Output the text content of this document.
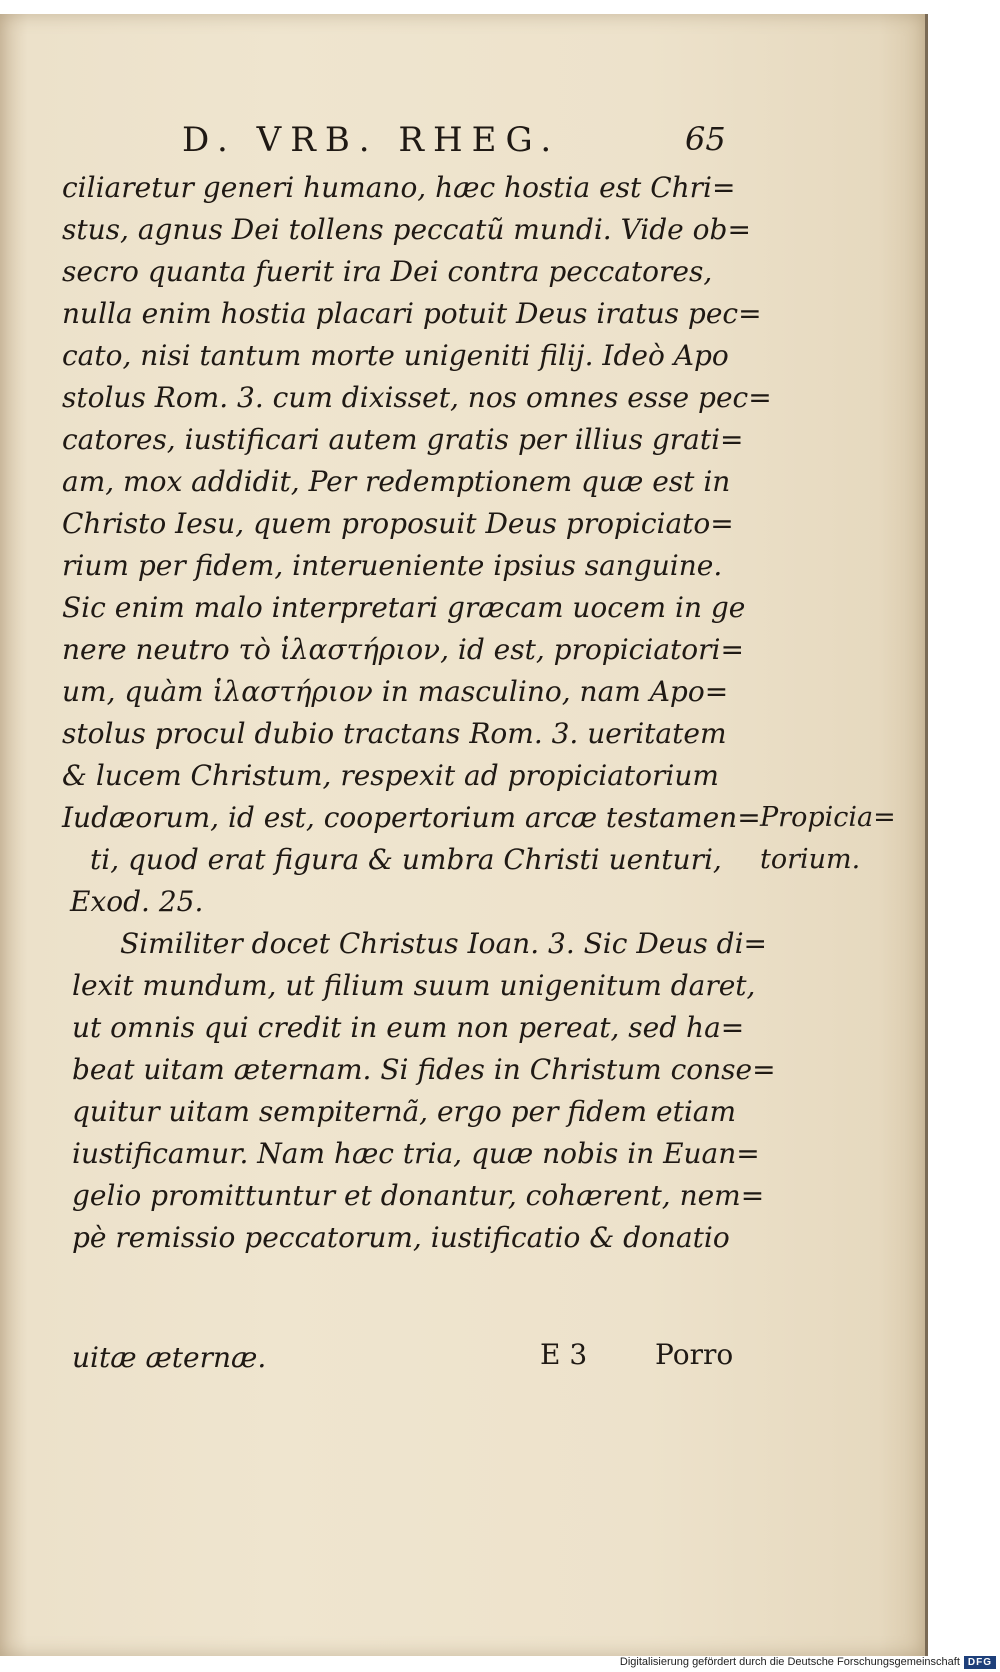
D. VRB. RHEG.	65
ciliaretur generi humano, hæc hostia est Chri=
stus, agnus Dei tollens peccatũ mundi. Vide ob=
secro quanta fuerit ira Dei contra peccatores,
nulla enim hostia placari potuit Deus iratus pec=
cato, nisi tantum morte unigeniti filij. Ideò Apo
stolus Rom. 3. cum dixisset, nos omnes esse pec=
catores, iustificari autem gratis per illius grati=
am, mox addidit, Per redemptionem quæ est in
Christo Iesu, quem proposuit Deus propiciato=
rium per fidem, interueniente ipsius sanguine.
Sic enim malo interpretari græcam uocem in ge
nere neutro τὸ ἱλαστήριον, id est, propiciatori=
um, quàm ἱλαστήριον in masculino, nam Apo=
stolus procul dubio tractans Rom. 3. ueritatem
& lucem Christum, respexit ad propiciatorium
Iudæorum, id est, coopertorium arcæ testamen=
ti, quod erat figura & umbra Christi uenturi,
Exod. 25.
Similiter docet Christus Ioan. 3. Sic Deus di=
lexit mundum, ut filium suum unigenitum daret,
ut omnis qui credit in eum non pereat, sed ha=
beat uitam æternam. Si fides in Christum conse=
quitur uitam sempiternã, ergo per fidem etiam
iustificamur. Nam hæc tria, quæ nobis in Euan=
gelio promittuntur et donantur, cohærent, nem=
pè remissio peccatorum, iustificatio & donatio
uitæ æternæ.
Propicia=
torium.
E 3 Porro
Digitalisierung gefördert durch die Deutsche Forschungsgemeinschaft DFG
